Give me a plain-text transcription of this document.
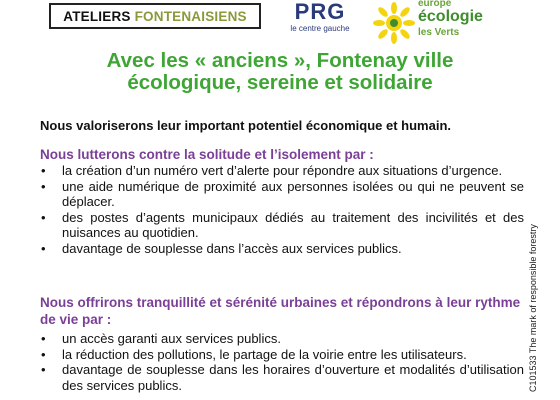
ATELIERS FONTENAISIENS	PRG
le centre gauche
europe
écologie
les Verts
Avec les « anciens », Fontenay ville
écologique, sereine et solidaire
Nous valoriserons leur important potentiel économique et humain.
Nous lutterons contre la solitude et l’isolement par :
• la création d’un numéro vert d’alerte pour répondre aux situations d’urgence.
• une aide numérique de proximité aux personnes isolées ou qui ne peuvent se déplacer.
• des postes d’agents municipaux dédiés au traitement des incivilités et des nuisances au quotidien.
• davantage de souplesse dans l’accès aux services publics.
Nous offrirons tranquillité et sérénité urbaines et répondrons à leur rythme de vie par :
• un accès garanti aux services publics.
• la réduction des pollutions, le partage de la voirie entre les utilisateurs.
• davantage de souplesse dans les horaires d’ouverture et modalités d’utilisation des services publics.	C101533 The mark of responsible forestry
